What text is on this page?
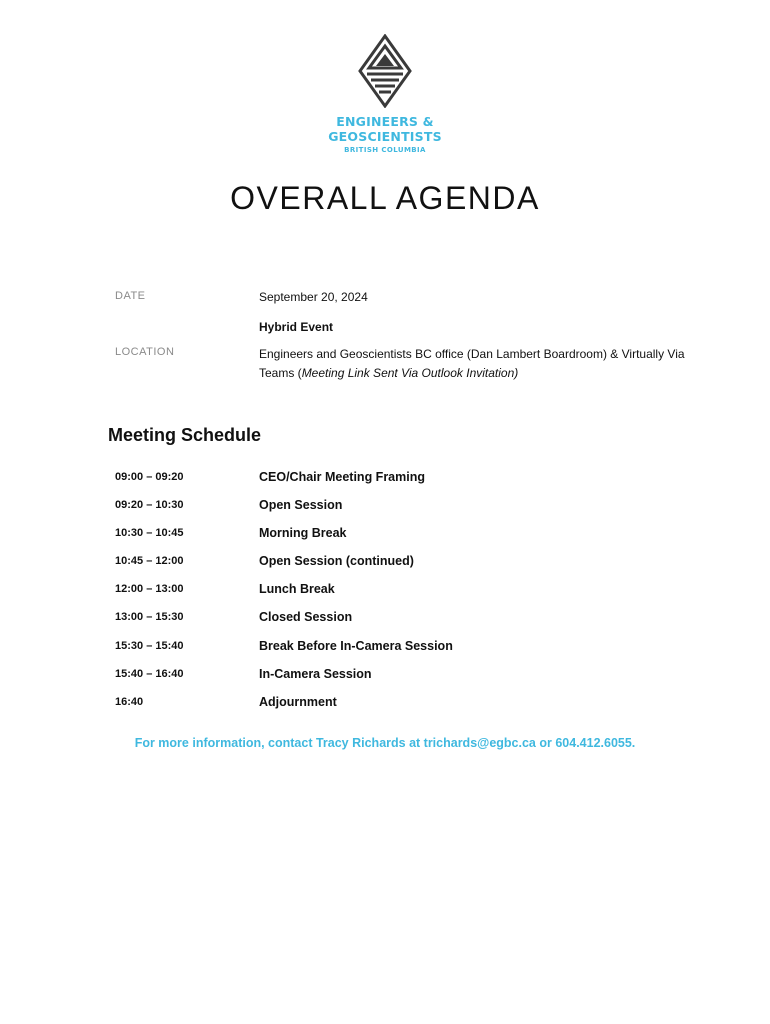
ENGINEERS &
GEOSCIENTISTS
BRITISH COLUMBIA
OVERALL AGENDA
DATE	September 20, 2024
Hybrid Event
LOCATION	Engineers and Geoscientists BC office (Dan Lambert Boardroom) & Virtually Via Teams (Meeting Link Sent Via Outlook Invitation)
Meeting Schedule
09:00 – 09:20	CEO/Chair Meeting Framing
09:20 – 10:30	Open Session
10:30 – 10:45	Morning Break
10:45 – 12:00	Open Session (continued)
12:00 – 13:00	Lunch Break
13:00 – 15:30	Closed Session
15:30 – 15:40	Break Before In-Camera Session
15:40 – 16:40	In-Camera Session
16:40	Adjournment
For more information, contact Tracy Richards at trichards@egbc.ca or 604.412.6055.
